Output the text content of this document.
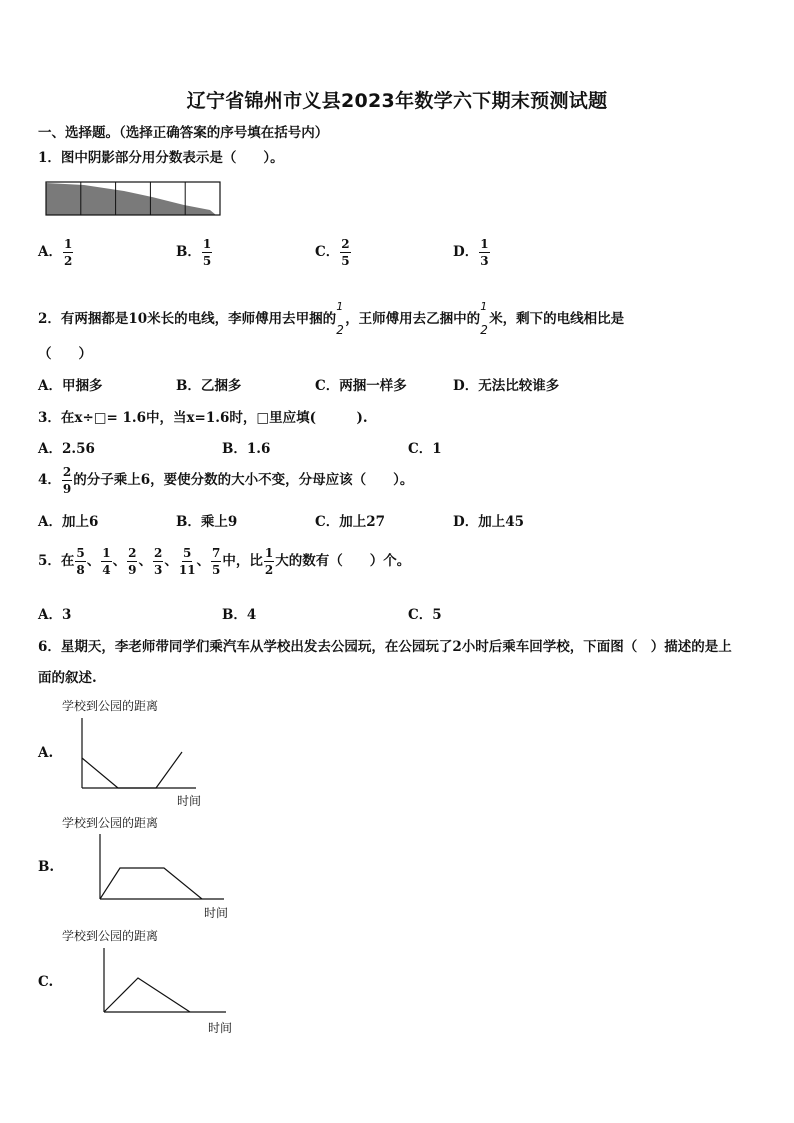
辽宁省锦州市义县2023年数学六下期末预测试题
一、选择题。（选择正确答案的序号填在括号内）
1．图中阴影部分用分数表示是（　　）。
A． $\frac{1}{2}$	B． $\frac{1}{5}$	C． $\frac{2}{5}$	D． $\frac{1}{3}$
2．有两捆都是10米长的电线，李师傅用去甲捆的
1
2
，王师傅用去乙捆中的
1
2
米，剩下的电线相比是
（　　）
A．甲捆多	B．乙捆多	C．两捆一样多	D．无法比较谁多
3．在x÷□= 1.6中，当x=1.6时，□里应填(　　　).
A．2.56	B．1.6	C．1
4． $\frac{2}{9}$ 的分子乘上6，要使分数的大小不变，分母应该（　　）。
A．加上6	B．乘上9	C．加上27	D．加上45
5．在 $\frac{5}{8}$ 、 $\frac{1}{4}$ 、 $\frac{2}{9}$ 、 $\frac{2}{3}$ 、 $\frac{5}{11}$ 、 $\frac{7}{5}$ 中，比 $\frac{1}{2}$ 大的数有（　　）个。
A．3	B．4	C．5
6．星期天，李老师带同学们乘汽车从学校出发去公园玩，在公园玩了2小时后乘车回学校，下面图（　）描述的是上
面的叙述.
学校到公园的距离
A.
时间
学校到公园的距离
B.
时间
学校到公园的距离
C.
时间
